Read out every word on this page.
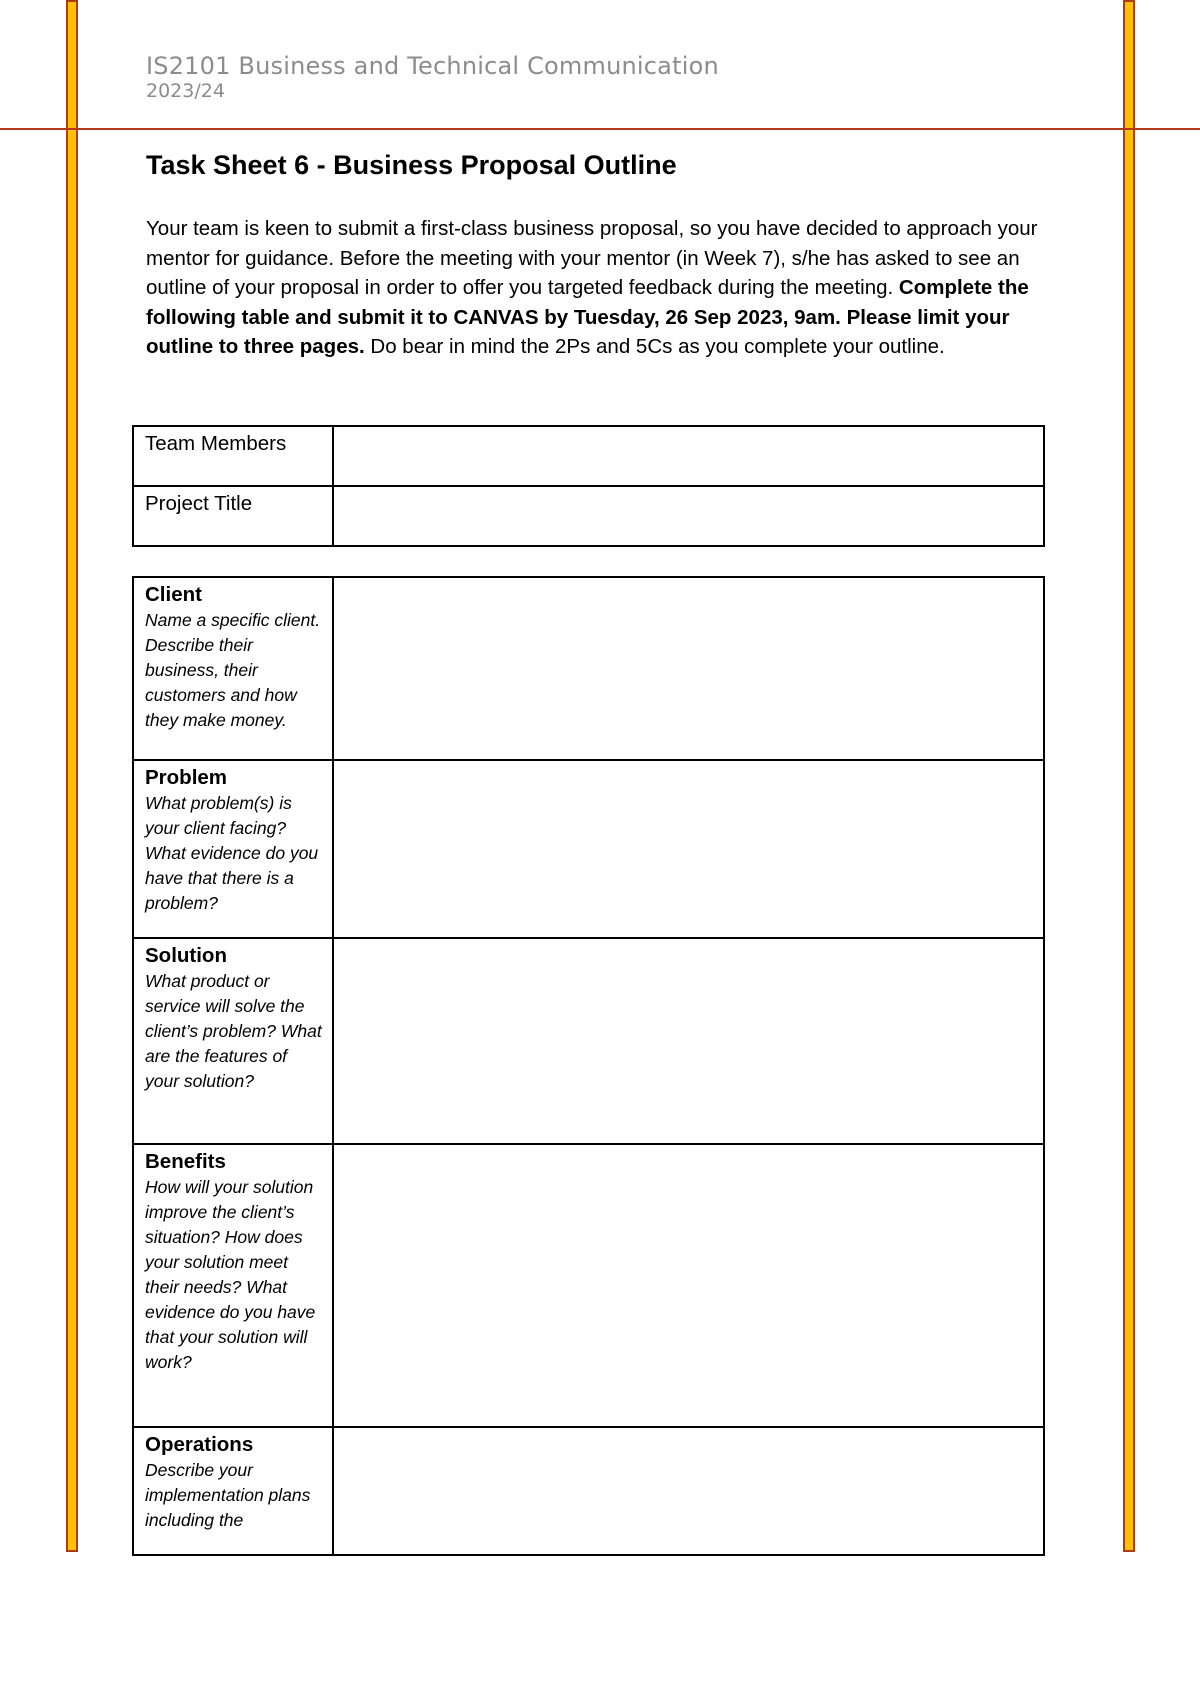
IS2101 Business and Technical Communication
2023/24
Task Sheet 6 - Business Proposal Outline

Your team is keen to submit a first-class business proposal, so you have decided to approach your mentor for guidance. Before the meeting with your mentor (in Week 7), s/he has asked to see an outline of your proposal in order to offer you targeted feedback during the meeting. Complete the following table and submit it to CANVAS by Tuesday, 26 Sep 2023, 9am. Please limit your outline to three pages. Do bear in mind the 2Ps and 5Cs as you complete your outline.

Team Members	
Project Title	
Client
Name a specific client. Describe their business, their customers and how they make money.	

Problem
What problem(s) is your client facing? What evidence do you have that there is a problem?	

Solution
What product or service will solve the client’s problem? What are the features of your solution?	

Benefits
How will your solution improve the client’s situation? How does your solution meet their needs? What evidence do you have that your solution will work?	

Operations
Describe your implementation plans including the	
